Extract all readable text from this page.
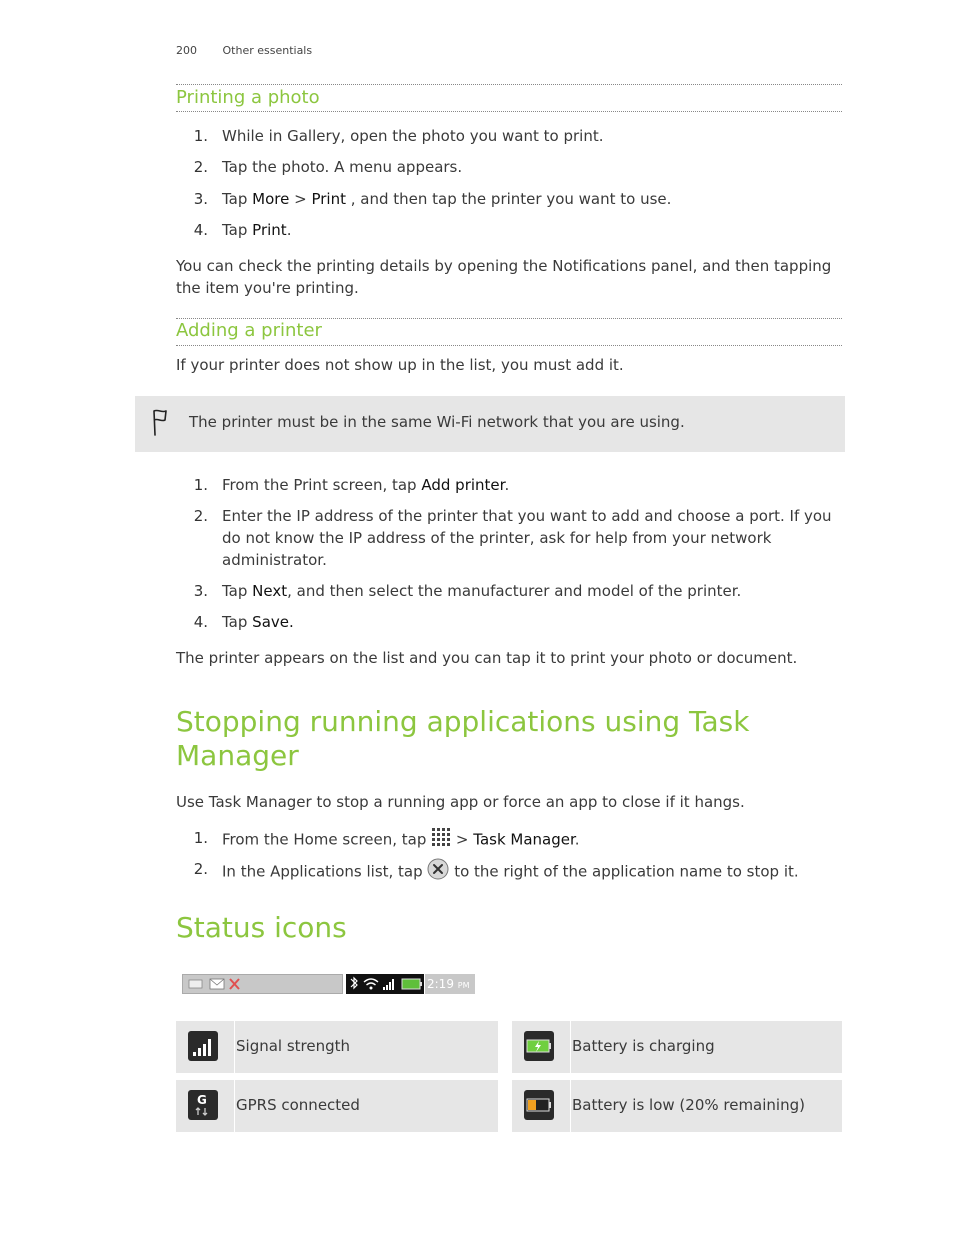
200 Other essentials
Printing a photo
1. While in Gallery, open the photo you want to print.
2. Tap the photo. A menu appears.
3. Tap More > Print , and then tap the printer you want to use.
4. Tap Print.
You can check the printing details by opening the Notifications panel, and then tapping the item you're printing.
Adding a printer
If your printer does not show up in the list, you must add it.
The printer must be in the same Wi-Fi network that you are using.
1. From the Print screen, tap Add printer.
2. Enter the IP address of the printer that you want to add and choose a port. If you do not know the IP address of the printer, ask for help from your network administrator.
3. Tap Next, and then select the manufacturer and model of the printer.
4. Tap Save.
The printer appears on the list and you can tap it to print your photo or document.
Stopping running applications using Task Manager
Use Task Manager to stop a running app or force an app to close if it hangs.
1. From the Home screen, tap  > Task Manager.
2. In the Applications list, tap  to the right of the application name to stop it.
Status icons
2:19 PM
Signal strength	Battery is charging
G GPRS connected	Battery is low (20% remaining)
